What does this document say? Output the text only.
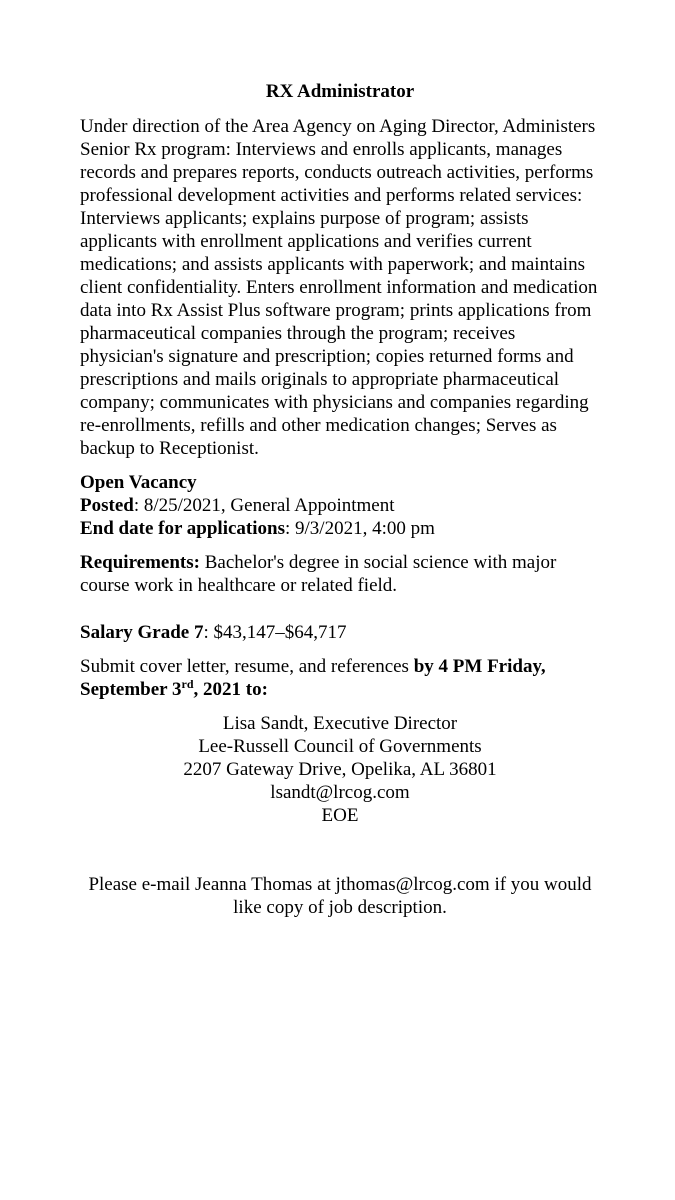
RX Administrator

Under direction of the Area Agency on Aging Director, Administers Senior Rx program: Interviews and enrolls applicants, manages records and prepares reports, conducts outreach activities, performs professional development activities and performs related services: Interviews applicants; explains purpose of program; assists applicants with enrollment applications and verifies current medications; and assists applicants with paperwork; and maintains client confidentiality. Enters enrollment information and medication data into Rx Assist Plus software program; prints applications from pharmaceutical companies through the program; receives physician's signature and prescription; copies returned forms and prescriptions and mails originals to appropriate pharmaceutical company; communicates with physicians and companies regarding re-enrollments, refills and other medication changes; Serves as backup to Receptionist.

Open Vacancy
Posted: 8/25/2021, General Appointment
End date for applications: 9/3/2021, 4:00 pm

Requirements: Bachelor's degree in social science with major course work in healthcare or related field.

Salary Grade 7: $43,147–$64,717

Submit cover letter, resume, and references by 4 PM Friday, September 3rd, 2021 to:

Lisa Sandt, Executive Director
Lee-Russell Council of Governments
2207 Gateway Drive, Opelika, AL 36801
lsandt@lrcog.com
EOE

Please e-mail Jeanna Thomas at jthomas@lrcog.com if you would like copy of job description.
